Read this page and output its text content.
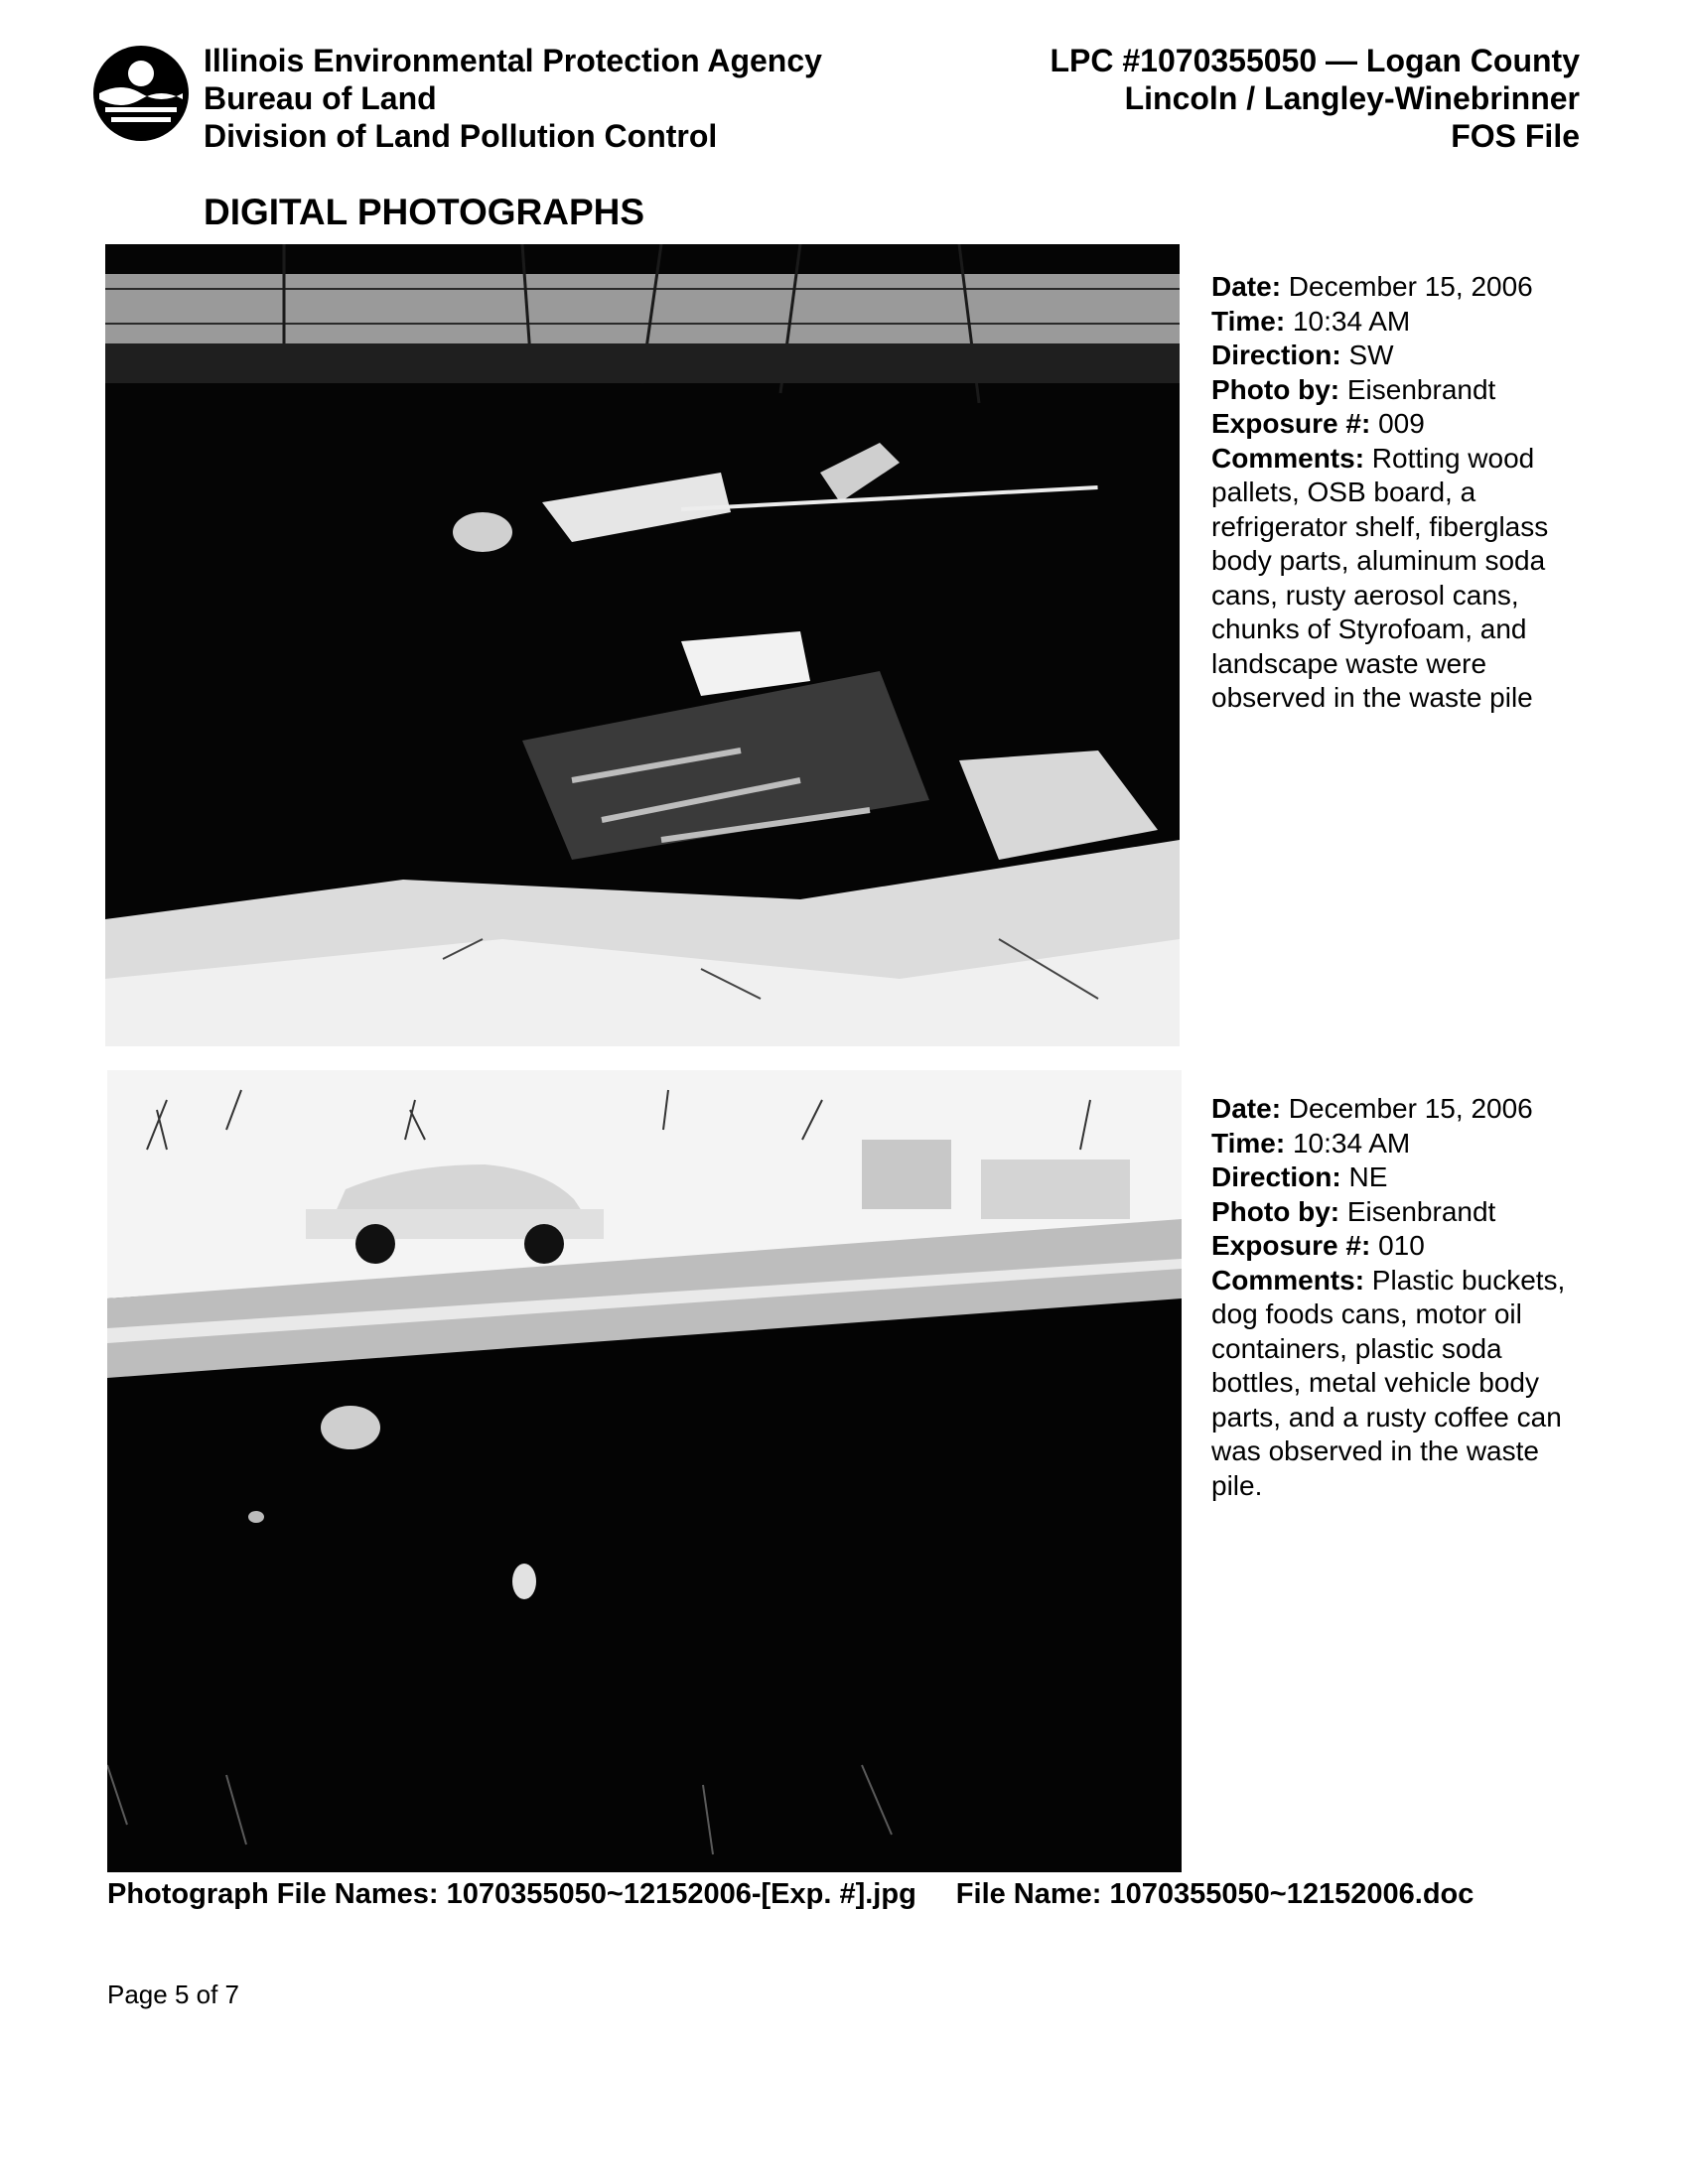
Illinois Environmental Protection Agency
Bureau of Land
Division of Land Pollution Control
LPC #1070355050 — Logan County
Lincoln / Langley-Winebrinner
FOS File
DIGITAL PHOTOGRAPHS
Date: December 15, 2006
Time: 10:34 AM
Direction: SW
Photo by: Eisenbrandt
Exposure #: 009
Comments: Rotting wood pallets, OSB board, a refrigerator shelf, fiberglass body parts, aluminum soda cans, rusty aerosol cans, chunks of Styrofoam, and landscape waste were observed in the waste pile
Date: December 15, 2006
Time: 10:34 AM
Direction: NE
Photo by: Eisenbrandt
Exposure #: 010
Comments: Plastic buckets, dog foods cans, motor oil containers, plastic soda bottles, metal vehicle body parts, and a rusty coffee can was observed in the waste pile.
Photograph File Names: 1070355050~12152006-[Exp. #].jpg File Name: 1070355050~12152006.doc
Page 5 of 7
